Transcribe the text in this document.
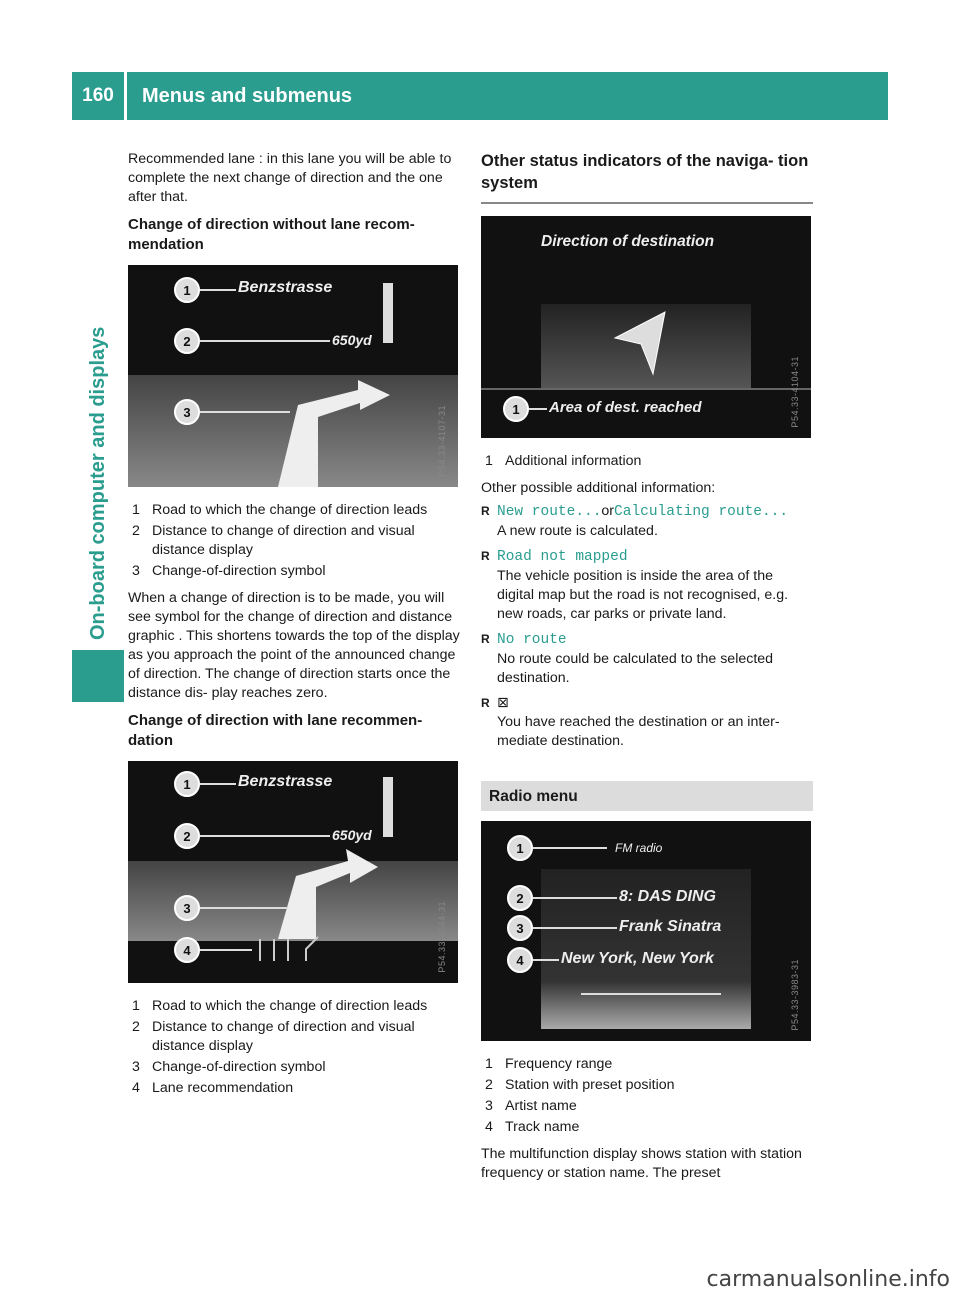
160	Menus and submenus
On-board computer and displays

Recommended lane : in this lane you will be able to complete the next change of direction and the one after that.

Change of direction without lane recom- mendation
1	Benzstrasse
2	650yd
3	P54.33-4107-31
1 Road to which the change of direction leads
2 Distance to change of direction and visual distance display
3 Change-of-direction symbol

When a change of direction is to be made, you will see symbol for the change of direction and distance graphic . This shortens towards the top of the display as you approach the point of the announced change of direction. The change of direction starts once the distance dis- play reaches zero.

Change of direction with lane recommen- dation
1	Benzstrasse
2	650yd
3
4	P54.33-4544-31
1 Road to which the change of direction leads
2 Distance to change of direction and visual distance display
3 Change-of-direction symbol
4 Lane recommendation
Other status indicators of the naviga- tion system
Direction of destination
1	Area of dest. reached	P54.33-4104-31
1 Additional information

Other possible additional information:

R New route...orCalculating route...
A new route is calculated.
R Road not mapped
The vehicle position is inside the area of the digital map but the road is not recognised, e.g. new roads, car parks or private land.
R No route
No route could be calculated to the selected destination.
R ⊠
You have reached the destination or an inter- mediate destination.
Radio menu
1	FM radio
2	8: DAS DING
3	Frank Sinatra
4	New York, New York
P54.33-3983-31
1 Frequency range
2 Station with preset position
3 Artist name
4 Track name

The multifunction display shows station with station frequency or station name. The preset

carmanualsonline.info
